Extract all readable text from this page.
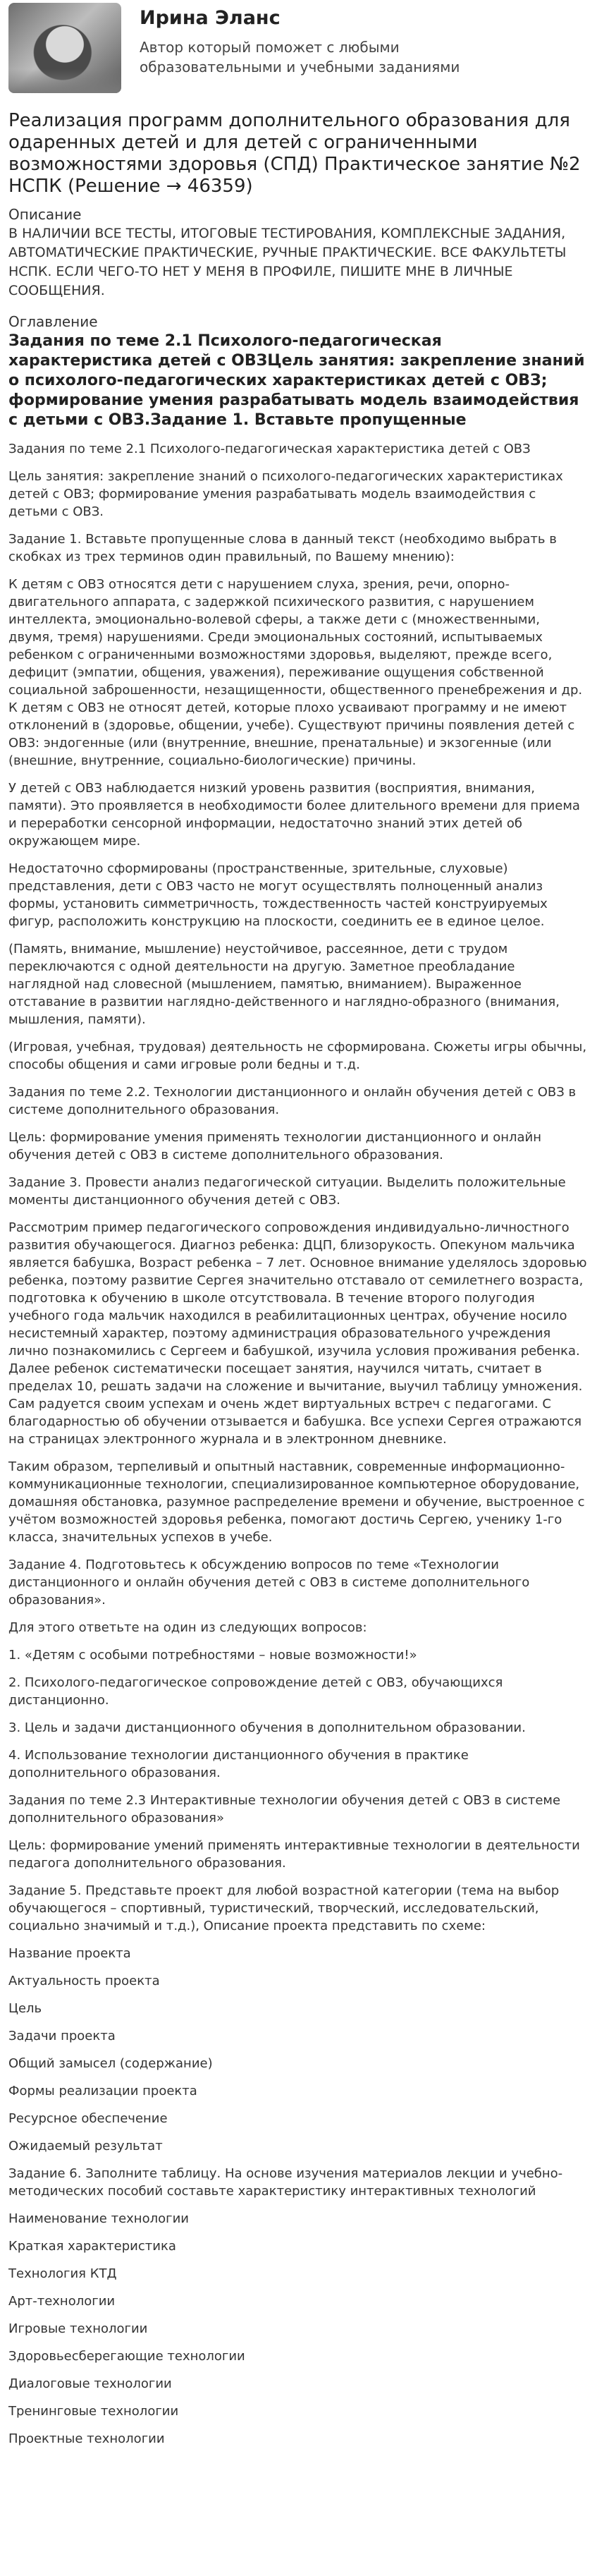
Ирина Эланс
Автор который поможет с любыми образовательными и учебными заданиями
Реализация программ дополнительного образования для одаренных детей и для детей с ограниченными возможностями здоровья (СПД) Практическое занятие №2 НСПК (Решение → 46359)
Описание
В НАЛИЧИИ ВСЕ ТЕСТЫ, ИТОГОВЫЕ ТЕСТИРОВАНИЯ, КОМПЛЕКСНЫЕ ЗАДАНИЯ, АВТОМАТИЧЕСКИЕ ПРАКТИЧЕСКИЕ, РУЧНЫЕ ПРАКТИЧЕСКИЕ. ВСЕ ФАКУЛЬТЕТЫ НСПК. ЕСЛИ ЧЕГО-ТО НЕТ У МЕНЯ В ПРОФИЛЕ, ПИШИТЕ МНЕ В ЛИЧНЫЕ СООБЩЕНИЯ.
Оглавление
Задания по теме 2.1 Психолого-педагогическая характеристика детей с ОВЗЦель занятия: закрепление знаний о психолого-педагогических характеристиках детей с ОВЗ; формирование умения разрабатывать модель взаимодействия с детьми с ОВЗ.Задание 1. Вставьте пропущенные

Задания по теме 2.1 Психолого-педагогическая характеристика детей с ОВЗ

Цель занятия: закрепление знаний о психолого-педагогических характеристиках детей с ОВЗ; формирование умения разрабатывать модель взаимодействия с детьми с ОВЗ.

Задание 1. Вставьте пропущенные слова в данный текст (необходимо выбрать в скобках из трех терминов один правильный, по Вашему мнению):

К детям с ОВЗ относятся дети с нарушением слуха, зрения, речи, опорно-двигательного аппарата, с задержкой психического развития, с нарушением интеллекта, эмоционально-волевой сферы, а также дети с (множественными, двумя, тремя) нарушениями. Среди эмоциональных состояний, испытываемых ребенком с ограниченными возможностями здоровья, выделяют, прежде всего, дефицит (эмпатии, общения, уважения), переживание ощущения собственной социальной заброшенности, незащищенности, общественного пренебрежения и др. К детям с ОВЗ не относят детей, которые плохо усваивают программу и не имеют отклонений в (здоровье, общении, учебе). Существуют причины появления детей с ОВЗ: эндогенные (или (внутренние, внешние, пренатальные) и экзогенные (или (внешние, внутренние, социально-биологические) причины.

У детей с ОВЗ наблюдается низкий уровень развития (восприятия, внимания, памяти). Это проявляется в необходимости более длительного времени для приема и переработки сенсорной информации, недостаточно знаний этих детей об окружающем мире.

Недостаточно сформированы (пространственные, зрительные, слуховые) представления, дети с ОВЗ часто не могут осуществлять полноценный анализ формы, установить симметричность, тождественность частей конструируемых фигур, расположить конструкцию на плоскости, соединить ее в единое целое.

(Память, внимание, мышление) неустойчивое, рассеянное, дети с трудом переключаются с одной деятельности на другую. Заметное преобладание наглядной над словесной (мышлением, памятью, вниманием). Выраженное отставание в развитии наглядно-действенного и наглядно-образного (внимания, мышления, памяти).

(Игровая, учебная, трудовая) деятельность не сформирована. Сюжеты игры обычны, способы общения и сами игровые роли бедны и т.д.

Задания по теме 2.2. Технологии дистанционного и онлайн обучения детей с ОВЗ в системе дополнительного образования.

Цель: формирование умения применять технологии дистанционного и онлайн обучения детей с ОВЗ в системе дополнительного образования.

Задание 3. Провести анализ педагогической ситуации. Выделить положительные моменты дистанционного обучения детей с ОВЗ.

Рассмотрим пример педагогического сопровождения индивидуально-личностного развития обучающегося. Диагноз ребенка: ДЦП, близорукость. Опекуном мальчика является бабушка, Возраст ребенка – 7 лет. Основное внимание уделялось здоровью ребенка, поэтому развитие Сергея значительно отставало от семилетнего возраста, подготовка к обучению в школе отсутствовала. В течение второго полугодия учебного года мальчик находился в реабилитационных центрах, обучение носило несистемный характер, поэтому администрация образовательного учреждения лично познакомились с Сергеем и бабушкой, изучила условия проживания ребенка. Далее ребенок систематически посещает занятия, научился читать, считает в пределах 10, решать задачи на сложение и вычитание, выучил таблицу умножения. Сам радуется своим успехам и очень ждет виртуальных встреч с педагогами. С благодарностью об обучении отзывается и бабушка. Все успехи Сергея отражаются на страницах электронного журнала и в электронном дневнике.

Таким образом, терпеливый и опытный наставник, современные информационно-коммуникационные технологии, специализированное компьютерное оборудование, домашняя обстановка, разумное распределение времени и обучение, выстроенное с учётом возможностей здоровья ребенка, помогают достичь Сергею, ученику 1-го класса, значительных успехов в учебе.

Задание 4. Подготовьтесь к обсуждению вопросов по теме «Технологии дистанционного и онлайн обучения детей с ОВЗ в системе дополнительного образования».

Для этого ответьте на один из следующих вопросов:

1. «Детям с особыми потребностями – новые возможности!»

2. Психолого-педагогическое сопровождение детей с ОВЗ, обучающихся дистанционно.

3. Цель и задачи дистанционного обучения в дополнительном образовании.

4. Использование технологии дистанционного обучения в практике дополнительного образования.

Задания по теме 2.3 Интерактивные технологии обучения детей с ОВЗ в системе дополнительного образования»

Цель: формирование умений применять интерактивные технологии в деятельности педагога дополнительного образования.

Задание 5. Представьте проект для любой возрастной категории (тема на выбор обучающегося – спортивный, туристический, творческий, исследовательский, социально значимый и т.д.), Описание проекта представить по схеме:

Название проекта

Актуальность проекта

Цель

Задачи проекта

Общий замысел (содержание)

Формы реализации проекта

Ресурсное обеспечение

Ожидаемый результат

Задание 6. Заполните таблицу. На основе изучения материалов лекции и учебно-методических пособий составьте характеристику интерактивных технологий

Наименование технологии

Краткая характеристика

Технология КТД

Арт-технологии

Игровые технологии

Здоровьесберегающие технологии

Диалоговые технологии

Тренинговые технологии

Проектные технологии
